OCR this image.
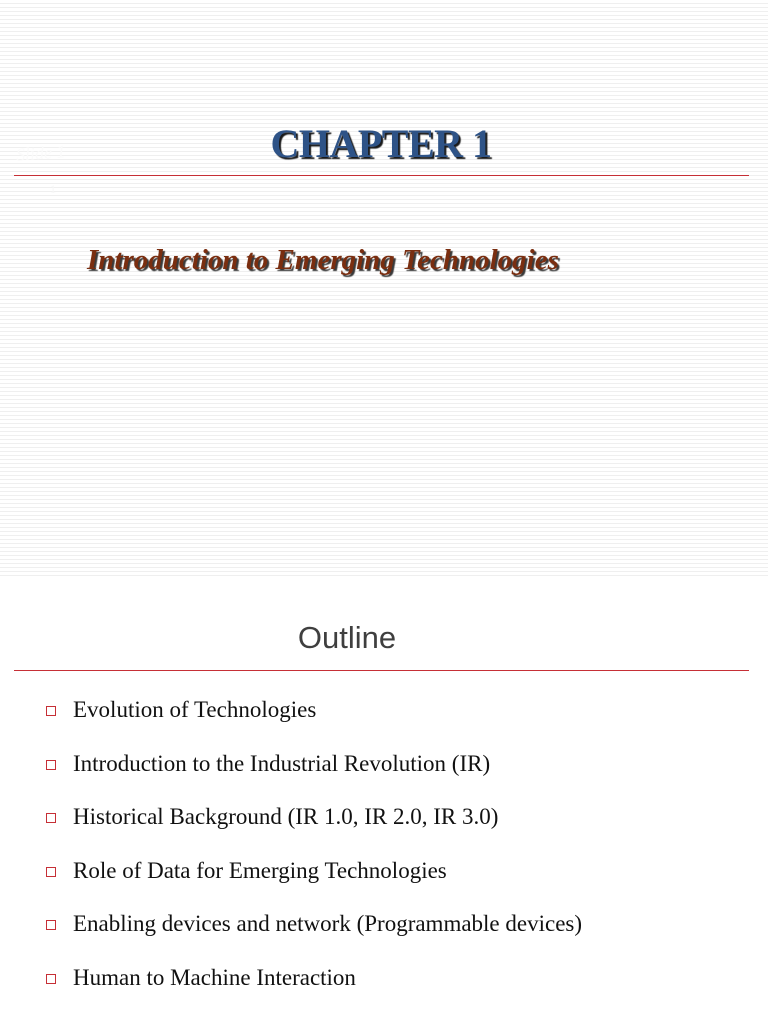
Slide 1
1
CHAPTER 1
Introduction to Emerging Technologies
Outline
Evolution of Technologies
Introduction to the Industrial Revolution (IR)
Historical Background (IR 1.0, IR 2.0, IR 3.0)
Role of Data for Emerging Technologies
Enabling devices and network (Programmable devices)
Human to Machine Interaction
